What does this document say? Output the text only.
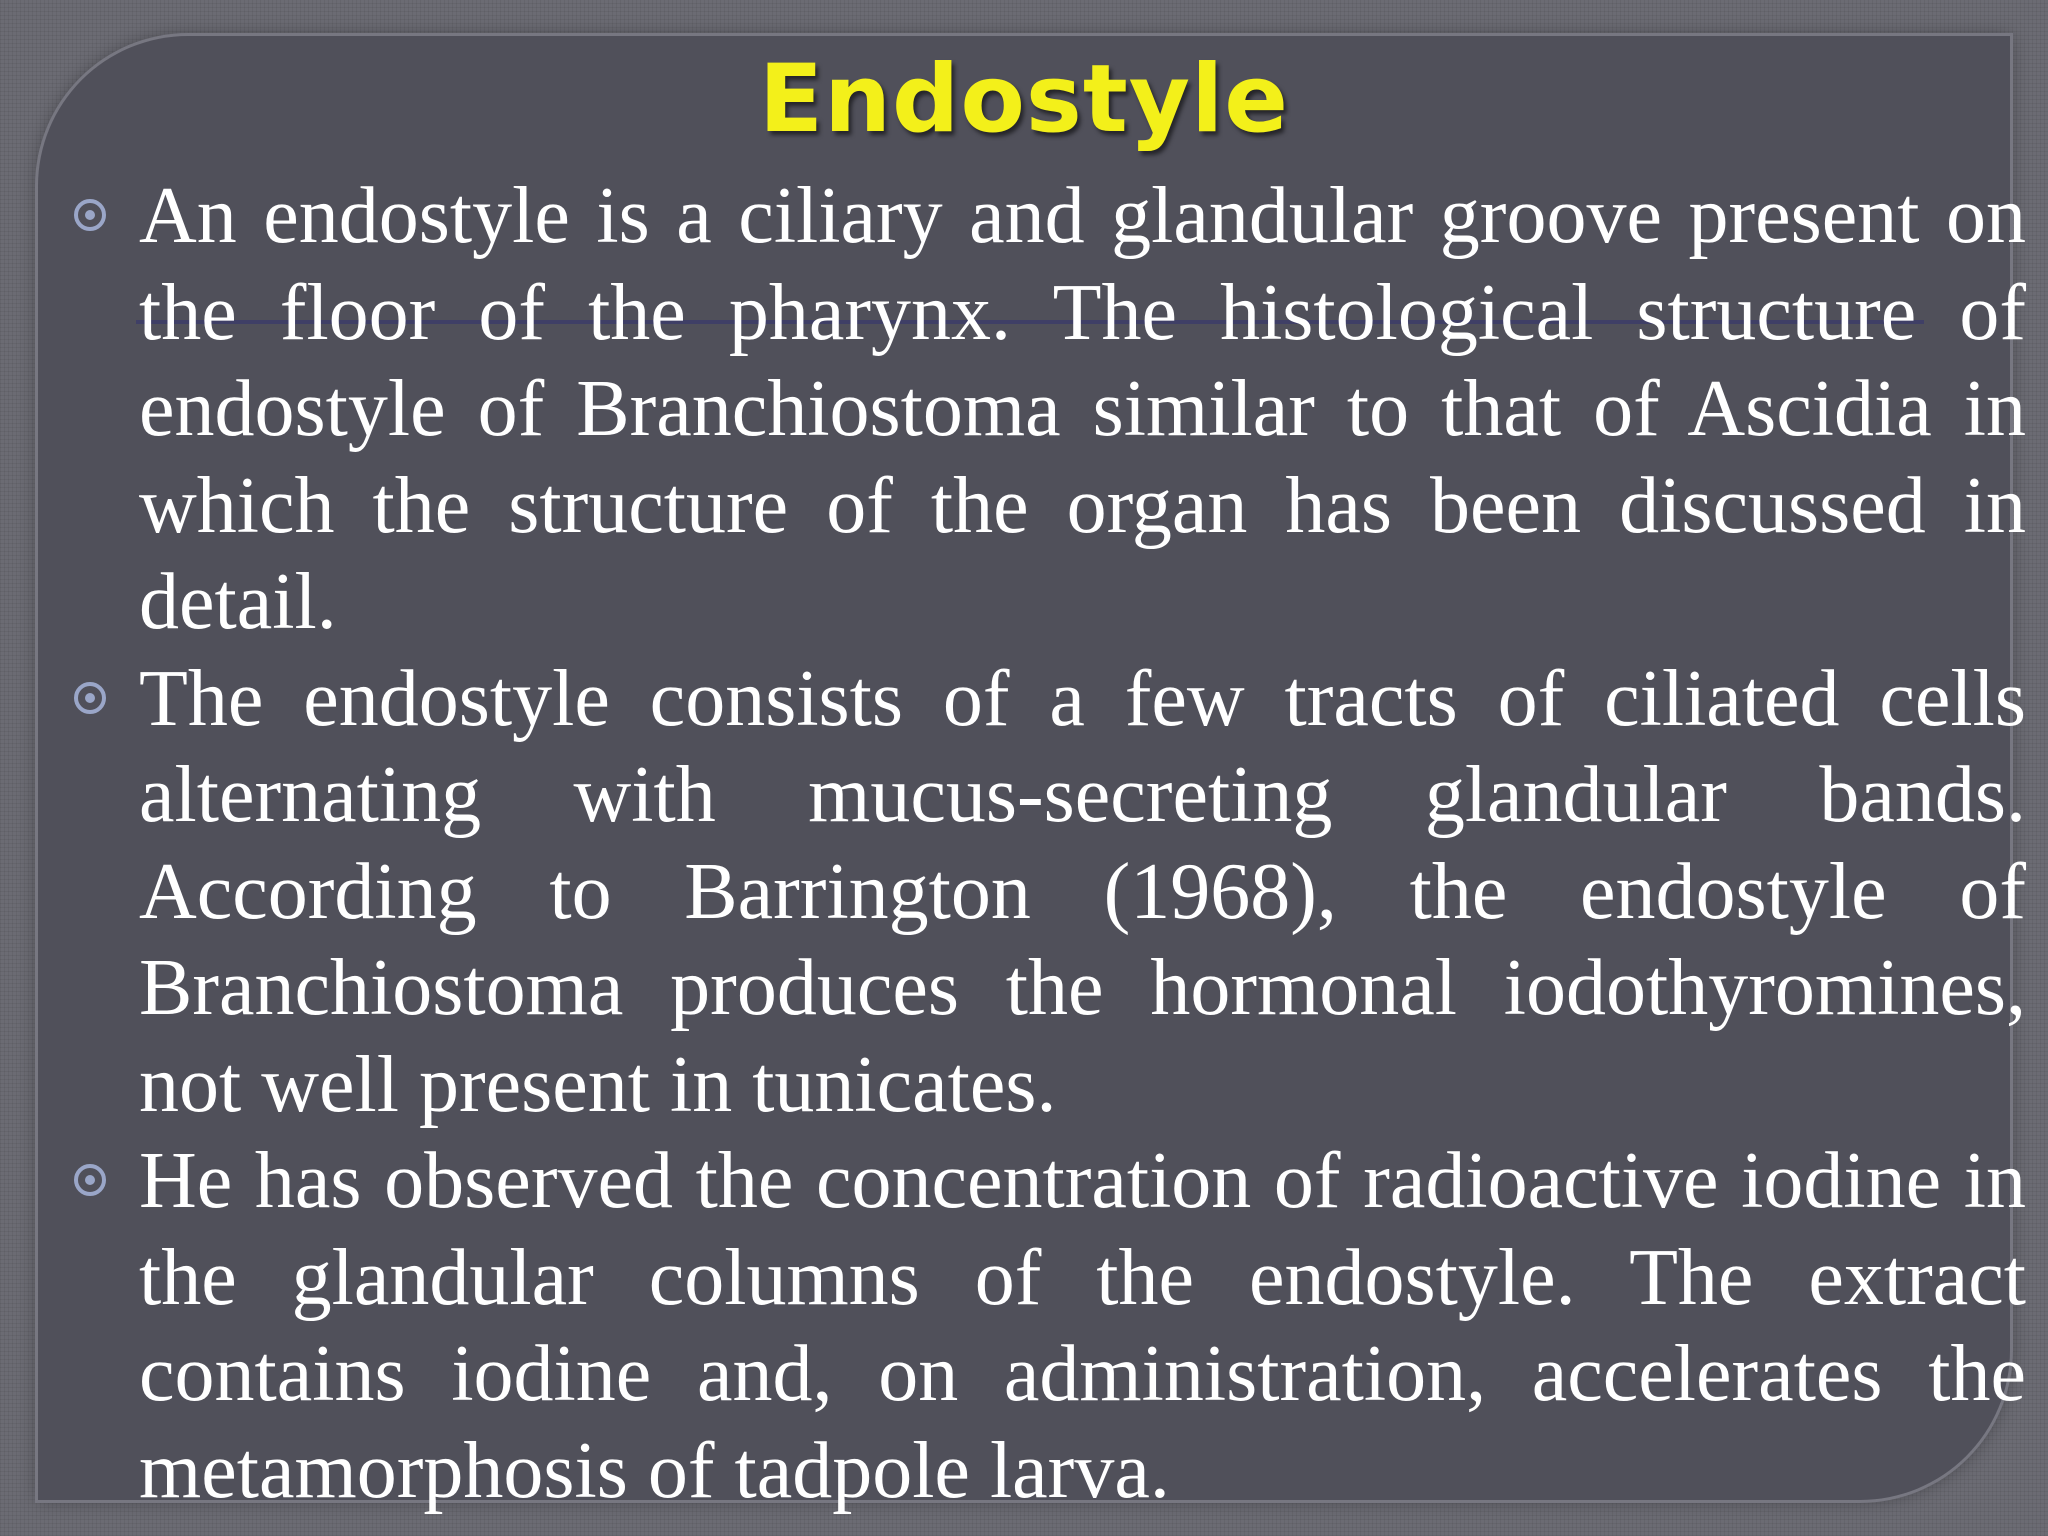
Endostyle

An endostyle is a ciliary and glandular groove present on the floor of the pharynx. The histological structure of endostyle of Branchiostoma similar to that of Ascidia in which the structure of the organ has been discussed in detail.

The endostyle consists of a few tracts of ciliated cells alternating with mucus-secreting glandular bands. According to Barrington (1968), the endostyle of Branchiostoma produces the hormonal iodothyromines, not well present in tunicates.

He has observed the concentration of radioactive iodine in the glandular columns of the endostyle. The extract contains iodine and, on administration, accelerates the metamorphosis of tadpole larva.
